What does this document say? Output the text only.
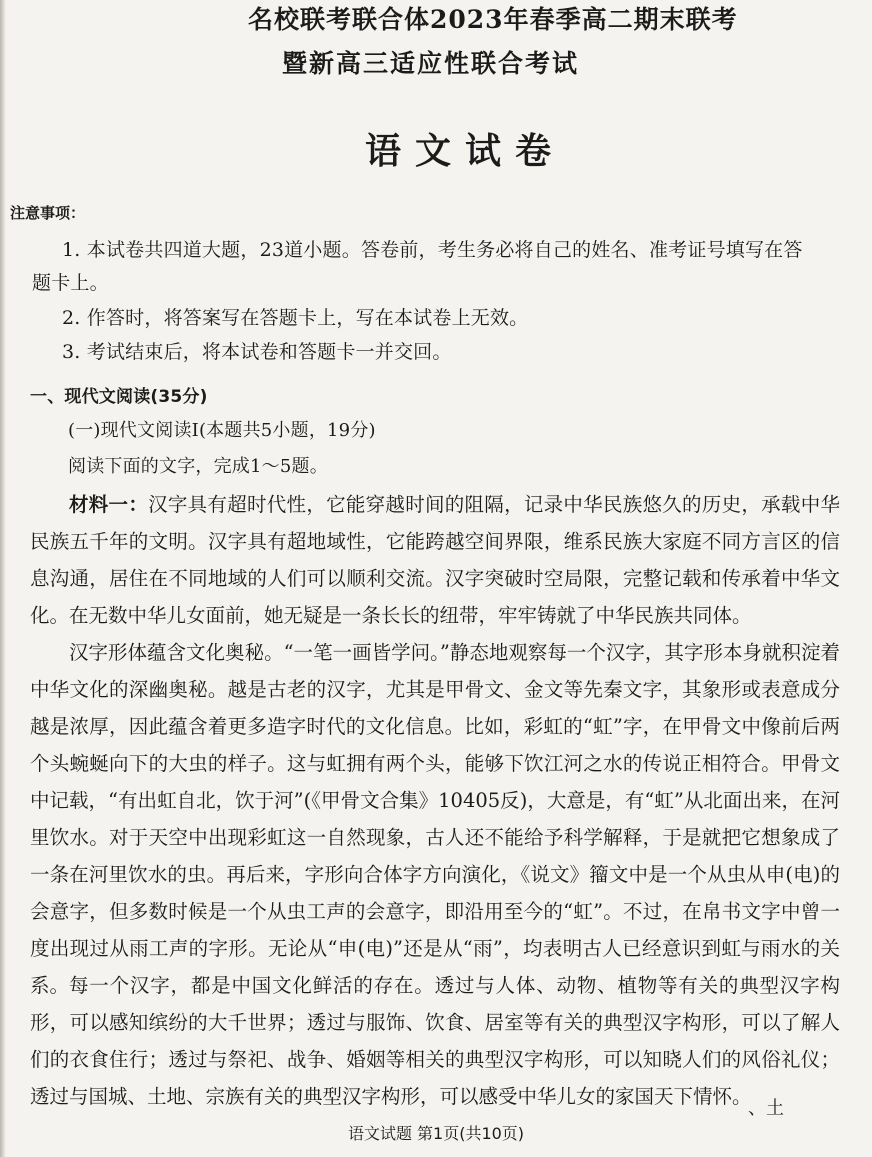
名校联考联合体2023年春季高二期末联考
暨新高三适应性联合考试
语文试卷
注意事项：
1. 本试卷共四道大题，23道小题。答卷前，考生务必将自己的姓名、准考证号填写在答
题卡上。
2. 作答时，将答案写在答题卡上，写在本试卷上无效。
3. 考试结束后，将本试卷和答题卡一并交回。
一、现代文阅读(35分)
(一)现代文阅读Ⅰ(本题共5小题，19分)
阅读下面的文字，完成1～5题。
材料一：汉字具有超时代性，它能穿越时间的阻隔，记录中华民族悠久的历史，承载中华民族五千年的文明。汉字具有超地域性，它能跨越空间界限，维系民族大家庭不同方言区的信息沟通，居住在不同地域的人们可以顺利交流。汉字突破时空局限，完整记载和传承着中华文化。在无数中华儿女面前，她无疑是一条长长的纽带，牢牢铸就了中华民族共同体。
汉字形体蕴含文化奥秘。“一笔一画皆学问。”静态地观察每一个汉字，其字形本身就积淀着中华文化的深幽奥秘。越是古老的汉字，尤其是甲骨文、金文等先秦文字，其象形或表意成分越是浓厚，因此蕴含着更多造字时代的文化信息。比如，彩虹的“虹”字，在甲骨文中像前后两个头蜿蜒向下的大虫的样子。这与虹拥有两个头，能够下饮江河之水的传说正相符合。甲骨文中记载，“有出虹自北，饮于河”(《甲骨文合集》10405反)，大意是，有“虹”从北面出来，在河里饮水。对于天空中出现彩虹这一自然现象，古人还不能给予科学解释，于是就把它想象成了一条在河里饮水的虫。再后来，字形向合体字方向演化，《说文》籀文中是一个从虫从申(电)的会意字，但多数时候是一个从虫工声的会意字，即沿用至今的“虹”。不过，在帛书文字中曾一度出现过从雨工声的字形。无论从“申(电)”还是从“雨”，均表明古人已经意识到虹与雨水的关系。 每一个汉字，都是中国文化鲜活的存在。透过与人体、动物、植物等有关的典型汉字构形，可以感知缤纷的大千世界；透过与服饰、饮食、居室等有关的典型汉字构形，可以了解人们的衣食住行；透过与祭祀、战争、婚姻等相关的典型汉字构形，可以知晓人们的风俗礼仪；透过与国城、土地、宗族有关的典型汉字构形，可以感受中华儿女的家国天下情怀。
、土
语文试题 第1页(共10页)
